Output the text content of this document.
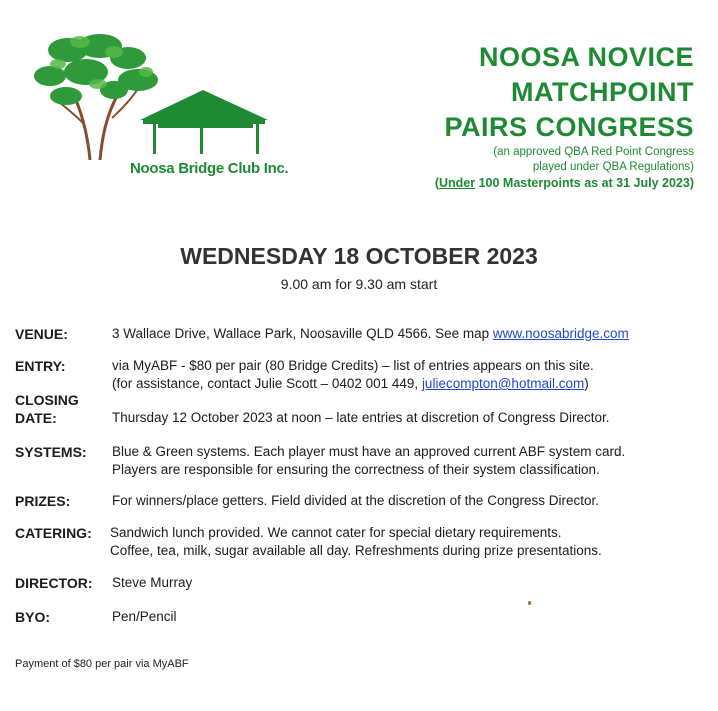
Noosa Bridge Club Inc.
NOOSA NOVICE
MATCHPOINT
PAIRS CONGRESS
(an approved QBA Red Point Congress
played under QBA Regulations)
(Under 100 Masterpoints as at 31 July 2023)
WEDNESDAY 18 OCTOBER 2023
9.00 am for 9.30 am start
VENUE:	3 Wallace Drive, Wallace Park, Noosaville QLD 4566. See map www.noosabridge.com
ENTRY:	via MyABF - $80 per pair (80 Bridge Credits) – list of entries appears on this site.
(for assistance, contact Julie Scott – 0402 001 449, juliecompton@hotmail.com)
CLOSING
DATE:	Thursday 12 October 2023 at noon – late entries at discretion of Congress Director.
SYSTEMS:	Blue & Green systems. Each player must have an approved current ABF system card.
Players are responsible for ensuring the correctness of their system classification.
PRIZES:	For winners/place getters. Field divided at the discretion of the Congress Director.
CATERING:	Sandwich lunch provided. We cannot cater for special dietary requirements.
Coffee, tea, milk, sugar available all day. Refreshments during prize presentations.
DIRECTOR:	Steve Murray
BYO:	Pen/Pencil
Payment of $80 per pair via MyABF
